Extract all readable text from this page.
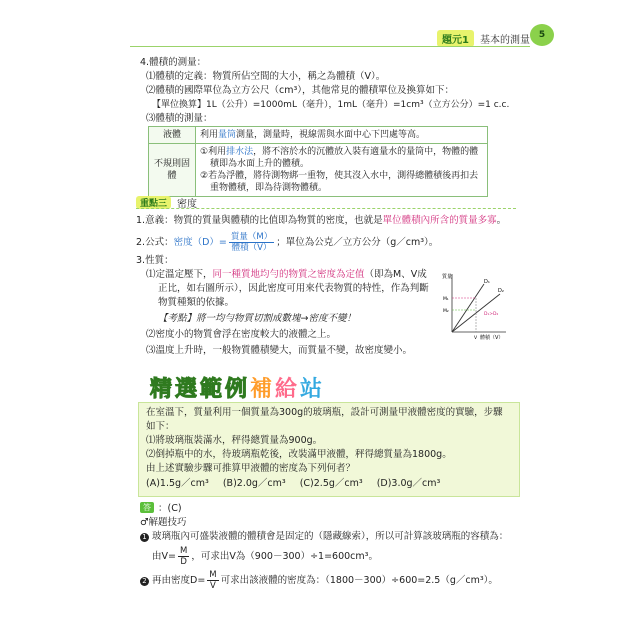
題元1	基本的測量 5
4.體積的測量：
⑴體積的定義：物質所佔空間的大小，稱之為體積（V）。
⑵體積的國際單位為立方公尺（cm³），其他常見的體積單位及換算如下：
【單位換算】1L（公升）=1000mL（毫升），1mL（毫升）=1cm³（立方公分）=1 c.c.
⑶體積的測量：
液體	利用量筒測量，測量時，視線需與水面中心下凹處等高。
不規則固體	①利用排水法，將不溶於水的沉體放入裝有適量水的量筒中，物體的體
積即為水面上升的體積。
②若為浮體，將待測物綁一重物，使其沒入水中，測得總體積後再扣去
重物體積，即為待測物體積。
重點三	密度
1.意義：物質的質量與體積的比值即為物質的密度，也就是單位體積內所含的質量多寡。
2.公式：密度$(D)= \frac{\text{質量（M）}}{\text{體積（V）}}$ ；單位為公克／立方公分（g／cm³）。
3.性質：
⑴定溫定壓下，同一種質地均勻的物質之密度為定值（即為M、V成
正比，如右圖所示），因此密度可用來代表物質的特性，作為判斷
物質種類的依據。
【考點】將一均勻物質切割成數塊→密度不變！
⑵密度小的物質會浮在密度較大的液體之上。
⑶溫度上升時，一般物質體積變大，而質量不變，故密度變小。
質量
體積（V）
D₁
D₂
D₁>D₂
M₁
M₂
V
精選範例補給站
在室溫下，質量利用一個質量為300g的玻璃瓶，設計可測量甲液體密度的實驗，步驟
如下：
⑴將玻璃瓶裝滿水，秤得總質量為900g。
⑵倒掉瓶中的水，待玻璃瓶乾後，改裝滿甲液體，秤得總質量為1800g。
由上述實驗步驟可推算甲液體的密度為下列何者？
(A)1.5g／cm³ (B)2.0g／cm³ (C)2.5g／cm³ (D)3.0g／cm³
答 ：(C)
♂解題技巧
1 玻璃瓶內可盛裝液體的體積會是固定的（隱藏線索），所以可計算該玻璃瓶的容積為：
由$V= \frac{M}{D}$ ，可求出V為（900－300）÷1=600cm³。
2 再由密度$D= \frac{M}{V}$ 可求出該液體的密度為：（1800－300）÷600=2.5（g／cm³）。
